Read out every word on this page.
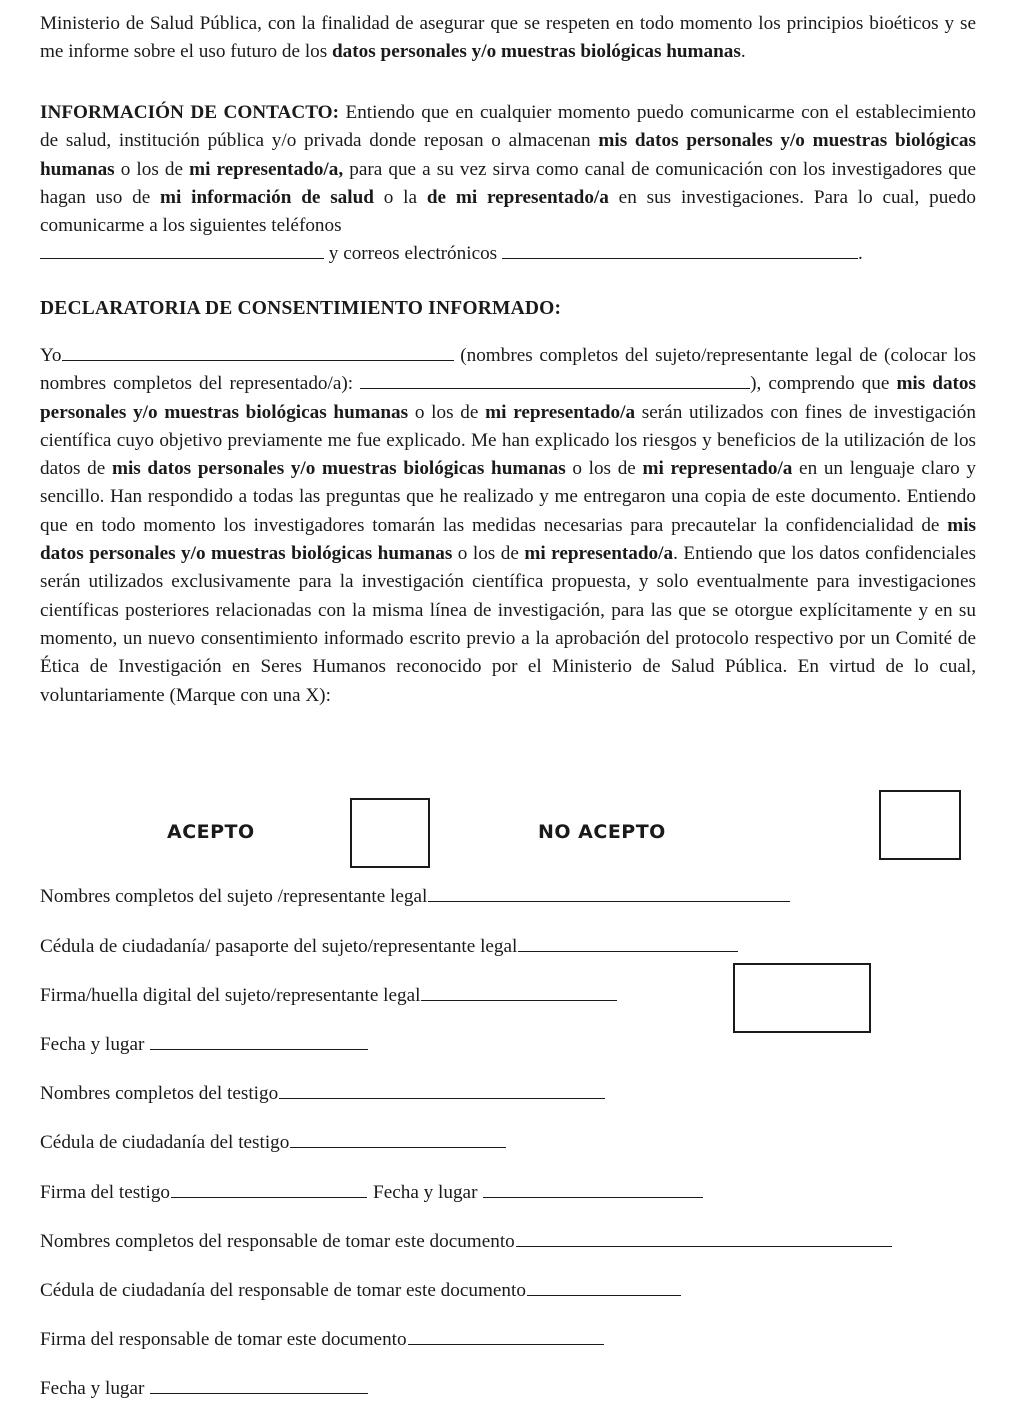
Ministerio de Salud Pública, con la finalidad de asegurar que se respeten en todo momento los principios bioéticos y se me informe sobre el uso futuro de los datos personales y/o muestras biológicas humanas.

INFORMACIÓN DE CONTACTO: Entiendo que en cualquier momento puedo comunicarme con el establecimiento de salud, institución pública y/o privada donde reposan o almacenan mis datos personales y/o muestras biológicas humanas o los de mi representado/a, para que a su vez sirva como canal de comunicación con los investigadores que hagan uso de mi información de salud o la de mi representado/a en sus investigaciones. Para lo cual, puedo comunicarme a los siguientes teléfonos
y correos electrónicos	.

DECLARATORIA DE CONSENTIMIENTO INFORMADO:

Yo	(nombres completos del sujeto/representante legal de (colocar los nombres completos del representado/a):	), comprendo que mis datos personales y/o muestras biológicas humanas o los de mi representado/a serán utilizados con fines de investigación científica cuyo objetivo previamente me fue explicado. Me han explicado los riesgos y beneficios de la utilización de los datos de mis datos personales y/o muestras biológicas humanas o los de mi representado/a en un lenguaje claro y sencillo. Han respondido a todas las preguntas que he realizado y me entregaron una copia de este documento. Entiendo que en todo momento los investigadores tomarán las medidas necesarias para precautelar la confidencialidad de mis datos personales y/o muestras biológicas humanas o los de mi representado/a. Entiendo que los datos confidenciales serán utilizados exclusivamente para la investigación científica propuesta, y solo eventualmente para investigaciones científicas posteriores relacionadas con la misma línea de investigación, para las que se otorgue explícitamente y en su momento, un nuevo consentimiento informado escrito previo a la aprobación del protocolo respectivo por un Comité de Ética de Investigación en Seres Humanos reconocido por el Ministerio de Salud Pública. En virtud de lo cual, voluntariamente (Marque con una X):

ACEPTO	NO ACEPTO
Nombres completos del sujeto /representante legal
Cédula de ciudadanía/ pasaporte del sujeto/representante legal
Firma/huella digital del sujeto/representante legal
Fecha y lugar
Nombres completos del testigo
Cédula de ciudadanía del testigo
Firma del testigo	Fecha y lugar
Nombres completos del responsable de tomar este documento
Cédula de ciudadanía del responsable de tomar este documento
Firma del responsable de tomar este documento
Fecha y lugar
